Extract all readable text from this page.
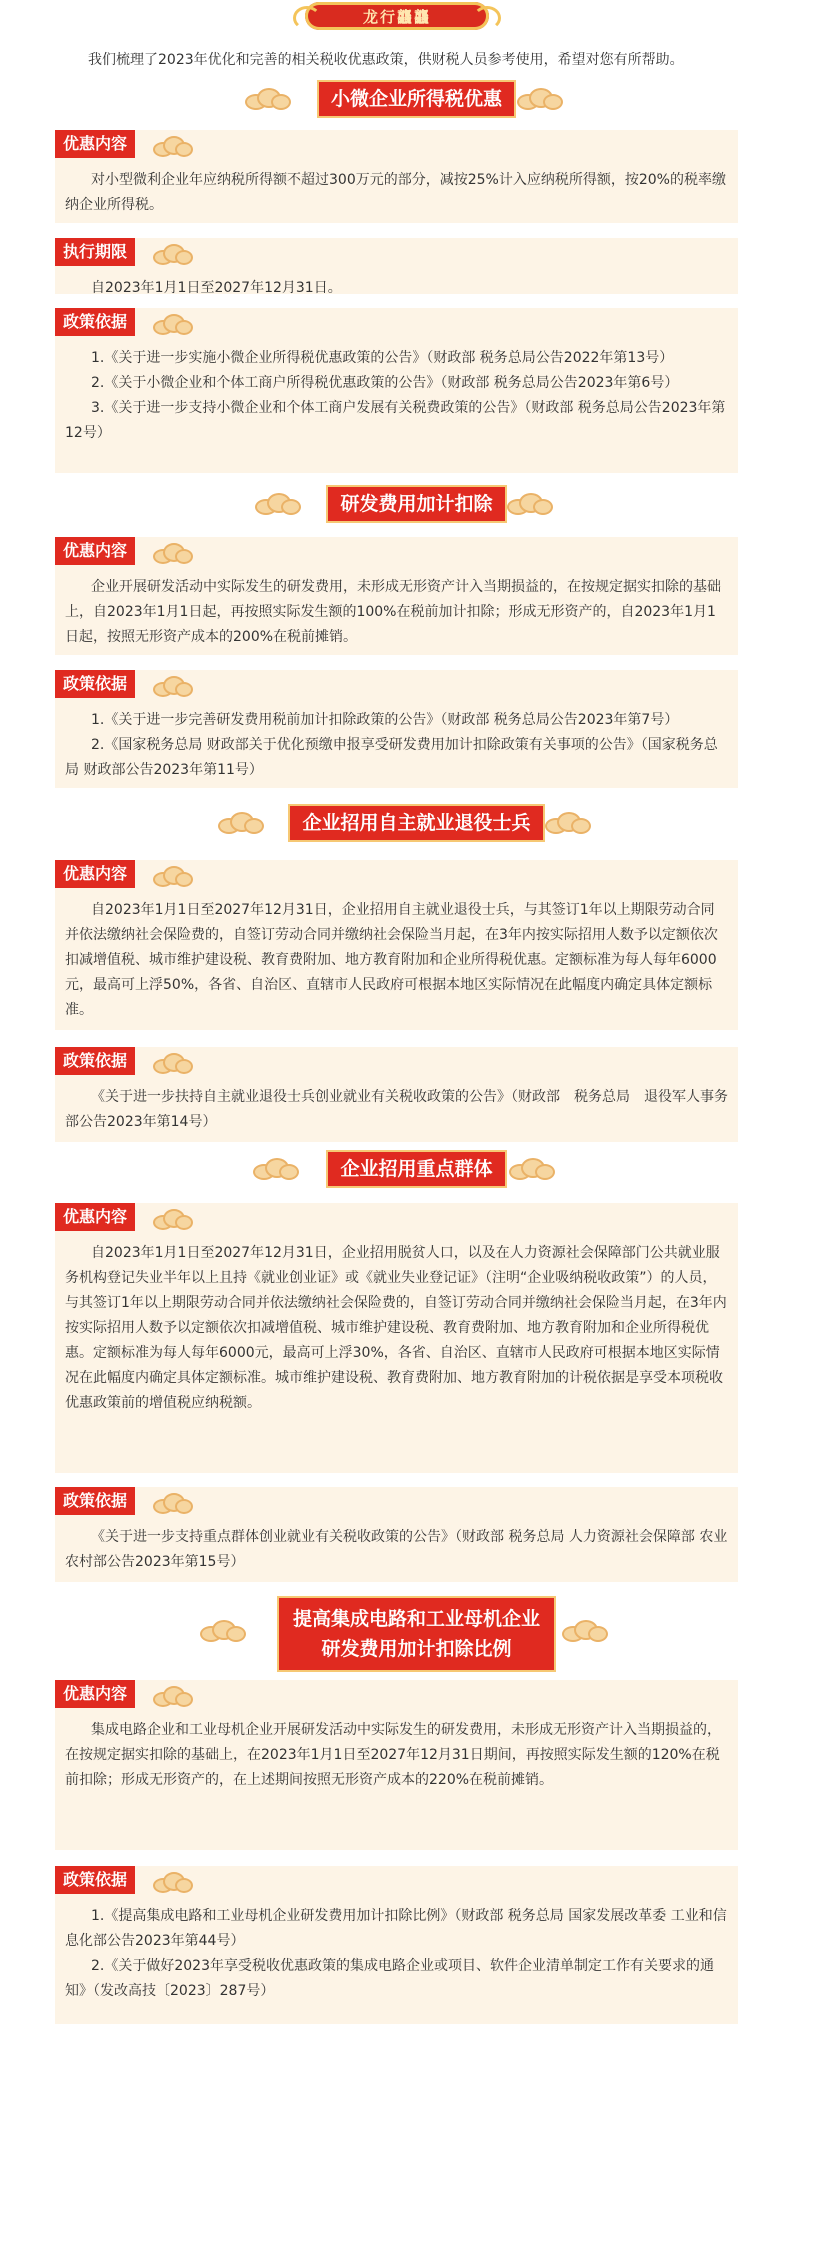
龙行龘龘
我们梳理了2023年优化和完善的相关税收优惠政策，供财税人员参考使用，希望对您有所帮助。
小微企业所得税优惠
优惠内容
对小型微利企业年应纳税所得额不超过300万元的部分，减按25%计入应纳税所得额，按20%的税率缴纳企业所得税。
执行期限
自2023年1月1日至2027年12月31日。
政策依据
1.《关于进一步实施小微企业所得税优惠政策的公告》（财政部 税务总局公告2022年第13号）
2.《关于小微企业和个体工商户所得税优惠政策的公告》（财政部 税务总局公告2023年第6号）
3.《关于进一步支持小微企业和个体工商户发展有关税费政策的公告》（财政部 税务总局公告2023年第12号）
研发费用加计扣除
优惠内容
企业开展研发活动中实际发生的研发费用，未形成无形资产计入当期损益的，在按规定据实扣除的基础上，自2023年1月1日起，再按照实际发生额的100%在税前加计扣除；形成无形资产的，自2023年1月1日起，按照无形资产成本的200%在税前摊销。
政策依据
1.《关于进一步完善研发费用税前加计扣除政策的公告》（财政部 税务总局公告2023年第7号）
2.《国家税务总局 财政部关于优化预缴申报享受研发费用加计扣除政策有关事项的公告》（国家税务总局 财政部公告2023年第11号）
企业招用自主就业退役士兵
优惠内容
自2023年1月1日至2027年12月31日，企业招用自主就业退役士兵，与其签订1年以上期限劳动合同并依法缴纳社会保险费的，自签订劳动合同并缴纳社会保险当月起，在3年内按实际招用人数予以定额依次扣减增值税、城市维护建设税、教育费附加、地方教育附加和企业所得税优惠。定额标准为每人每年6000元，最高可上浮50%，各省、自治区、直辖市人民政府可根据本地区实际情况在此幅度内确定具体定额标准。
政策依据
《关于进一步扶持自主就业退役士兵创业就业有关税收政策的公告》（财政部　税务总局　退役军人事务部公告2023年第14号）
企业招用重点群体
优惠内容
自2023年1月1日至2027年12月31日，企业招用脱贫人口，以及在人力资源社会保障部门公共就业服务机构登记失业半年以上且持《就业创业证》或《就业失业登记证》（注明“企业吸纳税收政策”）的人员，与其签订1年以上期限劳动合同并依法缴纳社会保险费的，自签订劳动合同并缴纳社会保险当月起，在3年内按实际招用人数予以定额依次扣减增值税、城市维护建设税、教育费附加、地方教育附加和企业所得税优惠。定额标准为每人每年6000元，最高可上浮30%，各省、自治区、直辖市人民政府可根据本地区实际情况在此幅度内确定具体定额标准。城市维护建设税、教育费附加、地方教育附加的计税依据是享受本项税收优惠政策前的增值税应纳税额。
政策依据
《关于进一步支持重点群体创业就业有关税收政策的公告》（财政部 税务总局 人力资源社会保障部 农业农村部公告2023年第15号）
提高集成电路和工业母机企业
研发费用加计扣除比例
优惠内容
集成电路企业和工业母机企业开展研发活动中实际发生的研发费用，未形成无形资产计入当期损益的，在按规定据实扣除的基础上，在2023年1月1日至2027年12月31日期间，再按照实际发生额的120%在税前扣除；形成无形资产的，在上述期间按照无形资产成本的220%在税前摊销。
政策依据
1.《提高集成电路和工业母机企业研发费用加计扣除比例》（财政部 税务总局 国家发展改革委 工业和信息化部公告2023年第44号）
2.《关于做好2023年享受税收优惠政策的集成电路企业或项目、软件企业清单制定工作有关要求的通知》（发改高技〔2023〕287号）
